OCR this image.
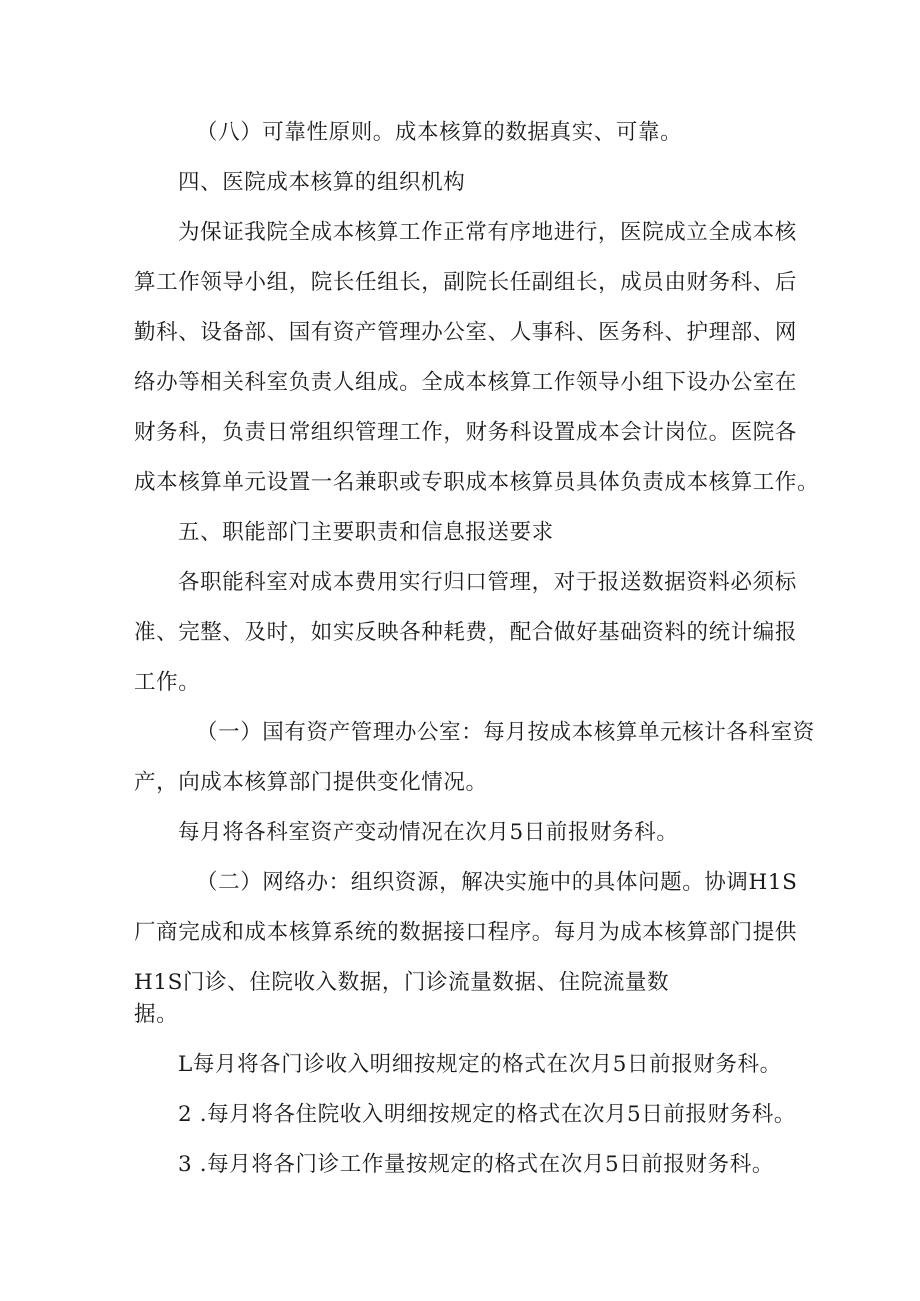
（八）可靠性原则。成本核算的数据真实、可靠。
四、医院成本核算的组织机构
为保证我院全成本核算工作正常有序地进行，医院成立全成本核
算工作领导小组，院长任组长，副院长任副组长，成员由财务科、后
勤科、设备部、国有资产管理办公室、人事科、医务科、护理部、网
络办等相关科室负责人组成。全成本核算工作领导小组下设办公室在
财务科，负责日常组织管理工作，财务科设置成本会计岗位。医院各
成本核算单元设置一名兼职或专职成本核算员具体负责成本核算工作。
五、职能部门主要职责和信息报送要求
各职能科室对成本费用实行归口管理，对于报送数据资料必须标
准、完整、及时，如实反映各种耗费，配合做好基础资料的统计编报
工作。
（一）国有资产管理办公室：每月按成本核算单元核计各科室资
产，向成本核算部门提供变化情况。
每月将各科室资产变动情况在次月5日前报财务科。
（二）网络办：组织资源，解决实施中的具体问题。协调H1S
厂商完成和成本核算系统的数据接口程序。每月为成本核算部门提供
H1S门诊、住院收入数据，门诊流量数据、住院流量数
据。
L每月将各门诊收入明细按规定的格式在次月5日前报财务科。
2 .每月将各住院收入明细按规定的格式在次月5日前报财务科。
3 .每月将各门诊工作量按规定的格式在次月5日前报财务科。
